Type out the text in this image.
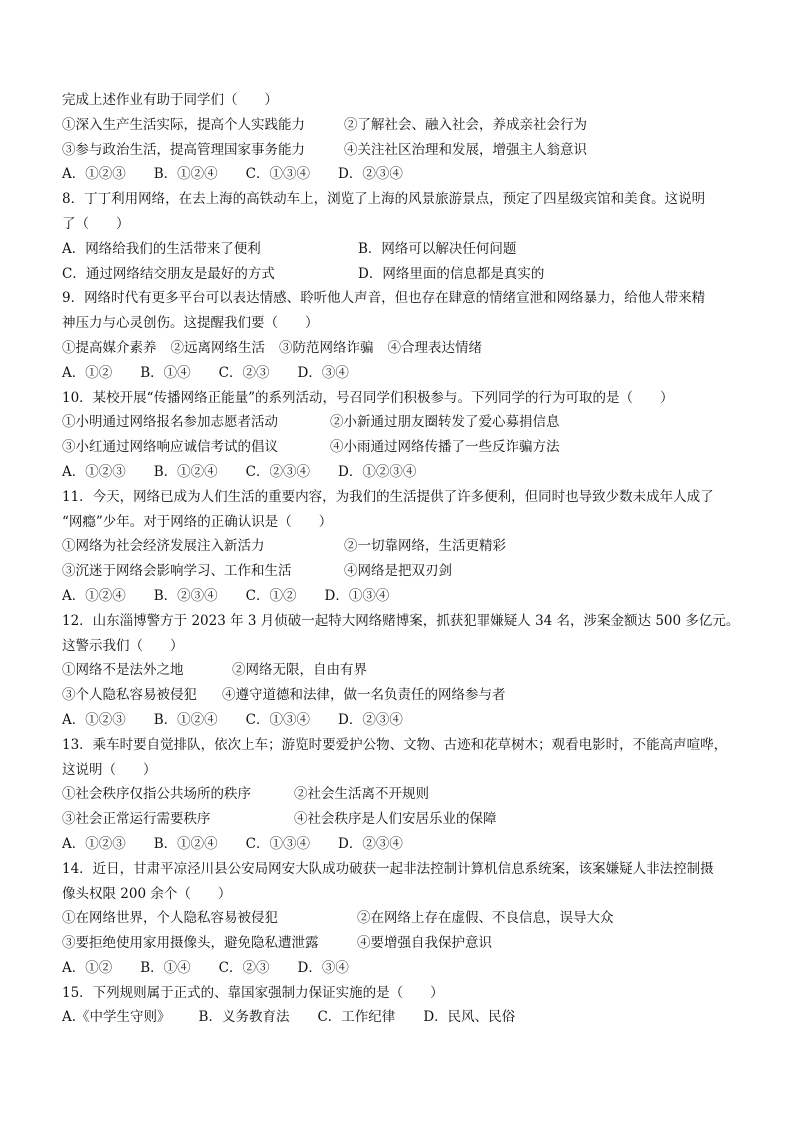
完成上述作业有助于同学们（　　）
①深入生产生活实际，提高个人实践能力	②了解社会、融入社会，养成亲社会行为
③参与政治生活，提高管理国家事务能力	④关注社区治理和发展，增强主人翁意识
A．①②③ B．①②④ C．①③④ D．②③④
8．丁丁利用网络，在去上海的高铁动车上，浏览了上海的风景旅游景点，预定了四星级宾馆和美食。这说明
了（　　）
A．网络给我们的生活带来了便利	B．网络可以解决任何问题
C．通过网络结交朋友是最好的方式	D．网络里面的信息都是真实的
9．网络时代有更多平台可以表达情感、聆听他人声音，但也存在肆意的情绪宣泄和网络暴力，给他人带来精
神压力与心灵创伤。这提醒我们要（　　）
①提高媒介素养 ②远离网络生活 ③防范网络诈骗 ④合理表达情绪
A．①② B．①④ C．②③ D．③④
10．某校开展“传播网络正能量”的系列活动，号召同学们积极参与。下列同学的行为可取的是（　　）
①小明通过网络报名参加志愿者活动	②小新通过朋友圈转发了爱心募捐信息
③小红通过网络响应诚信考试的倡议	④小雨通过网络传播了一些反诈骗方法
A．①②③ B．①②④ C．②③④ D．①②③④
11．今天，网络已成为人们生活的重要内容，为我们的生活提供了许多便利，但同时也导致少数未成年人成了
“网瘾”少年。对于网络的正确认识是（　　）
①网络为社会经济发展注入新活力	②一切靠网络，生活更精彩
③沉迷于网络会影响学习、工作和生活	④网络是把双刃剑
A．①②④ B．②③④ C．①② D．①③④
12．山东淄博警方于 2023 年 3 月侦破一起特大网络赌博案，抓获犯罪嫌疑人 34 名，涉案金额达 500 多亿元。
这警示我们（　　）
①网络不是法外之地	②网络无限，自由有界
③个人隐私容易被侵犯	④遵守道德和法律，做一名负责任的网络参与者
A．①②③ B．①②④ C．①③④ D．②③④
13．乘车时要自觉排队，依次上车；游览时要爱护公物、文物、古迹和花草树木；观看电影时，不能高声喧哗，
这说明（　　）
①社会秩序仅指公共场所的秩序	②社会生活离不开规则
③社会正常运行需要秩序	④社会秩序是人们安居乐业的保障
A．①②③ B．①②④ C．①③④ D．②③④
14．近日，甘肃平凉泾川县公安局网安大队成功破获一起非法控制计算机信息系统案，该案嫌疑人非法控制摄
像头权限 200 余个（　　）
①在网络世界，个人隐私容易被侵犯	②在网络上存在虚假、不良信息，误导大众
③要拒绝使用家用摄像头，避免隐私遭泄露	④要增强自我保护意识
A．①② B．①④ C．②③ D．③④
15．下列规则属于正式的、靠国家强制力保证实施的是（　　）
A.《中学生守则》 B．义务教育法 C．工作纪律 D．民风、民俗
